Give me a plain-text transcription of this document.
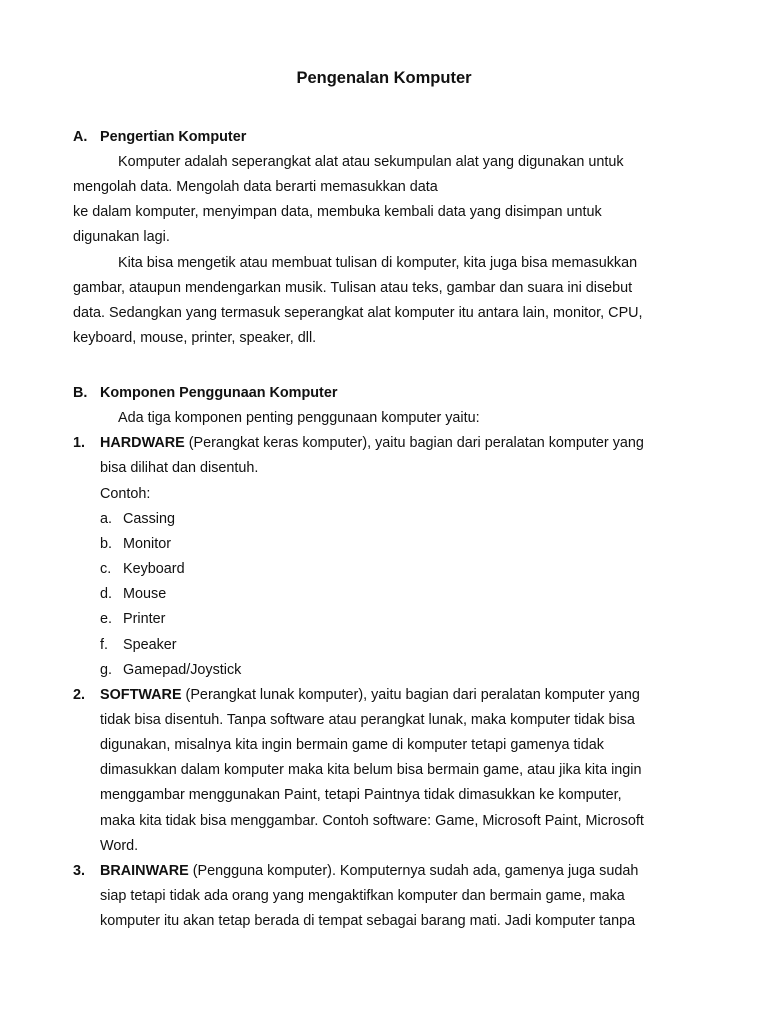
Pengenalan Komputer
A. Pengertian Komputer
Komputer adalah seperangkat alat atau sekumpulan alat yang digunakan untuk
mengolah data. Mengolah data berarti memasukkan data
ke dalam komputer, menyimpan data, membuka kembali data yang disimpan untuk
digunakan lagi.
Kita bisa mengetik atau membuat tulisan di komputer, kita juga bisa memasukkan
gambar, ataupun mendengarkan musik. Tulisan atau teks, gambar dan suara ini disebut
data. Sedangkan yang termasuk seperangkat alat komputer itu antara lain, monitor, CPU,
keyboard, mouse, printer, speaker, dll.
B. Komponen Penggunaan Komputer
Ada tiga komponen penting penggunaan komputer yaitu:
1. HARDWARE (Perangkat keras komputer), yaitu bagian dari peralatan komputer yang
bisa dilihat dan disentuh.
Contoh:
a. Cassing
b. Monitor
c. Keyboard
d. Mouse
e. Printer
f. Speaker
g. Gamepad/Joystick
2. SOFTWARE (Perangkat lunak komputer), yaitu bagian dari peralatan komputer yang
tidak bisa disentuh. Tanpa software atau perangkat lunak, maka komputer tidak bisa
digunakan, misalnya kita ingin bermain game di komputer tetapi gamenya tidak
dimasukkan dalam komputer maka kita belum bisa bermain game, atau jika kita ingin
menggambar menggunakan Paint, tetapi Paintnya tidak dimasukkan ke komputer,
maka kita tidak bisa menggambar. Contoh software: Game, Microsoft Paint, Microsoft
Word.
3. BRAINWARE (Pengguna komputer). Komputernya sudah ada, gamenya juga sudah
siap tetapi tidak ada orang yang mengaktifkan komputer dan bermain game, maka
komputer itu akan tetap berada di tempat sebagai barang mati. Jadi komputer tanpa
